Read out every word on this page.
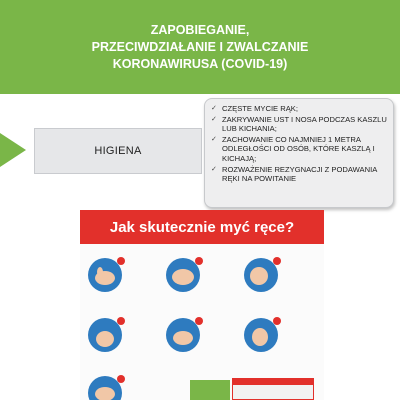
ZAPOBIEGANIE,
PRZECIWDZIAŁANIE I ZWALCZANIE
KORONAWIRUSA (COVID-19)
HIGIENA
✓ CZĘSTE MYCIE RĄK;
✓ ZAKRYWANIE UST I NOSA PODCZAS KASZLU LUB KICHANIA;
✓ ZACHOWANIE CO NAJMNIEJ 1 METRA ODLEGŁOŚCI OD OSÓB, KTÓRE KASZLĄ I KICHAJĄ;
✓ ROZWAŻENIE REZYGNACJI Z PODAWANIA RĘKI NA POWITANIE
Jak skutecznie myć ręce?
